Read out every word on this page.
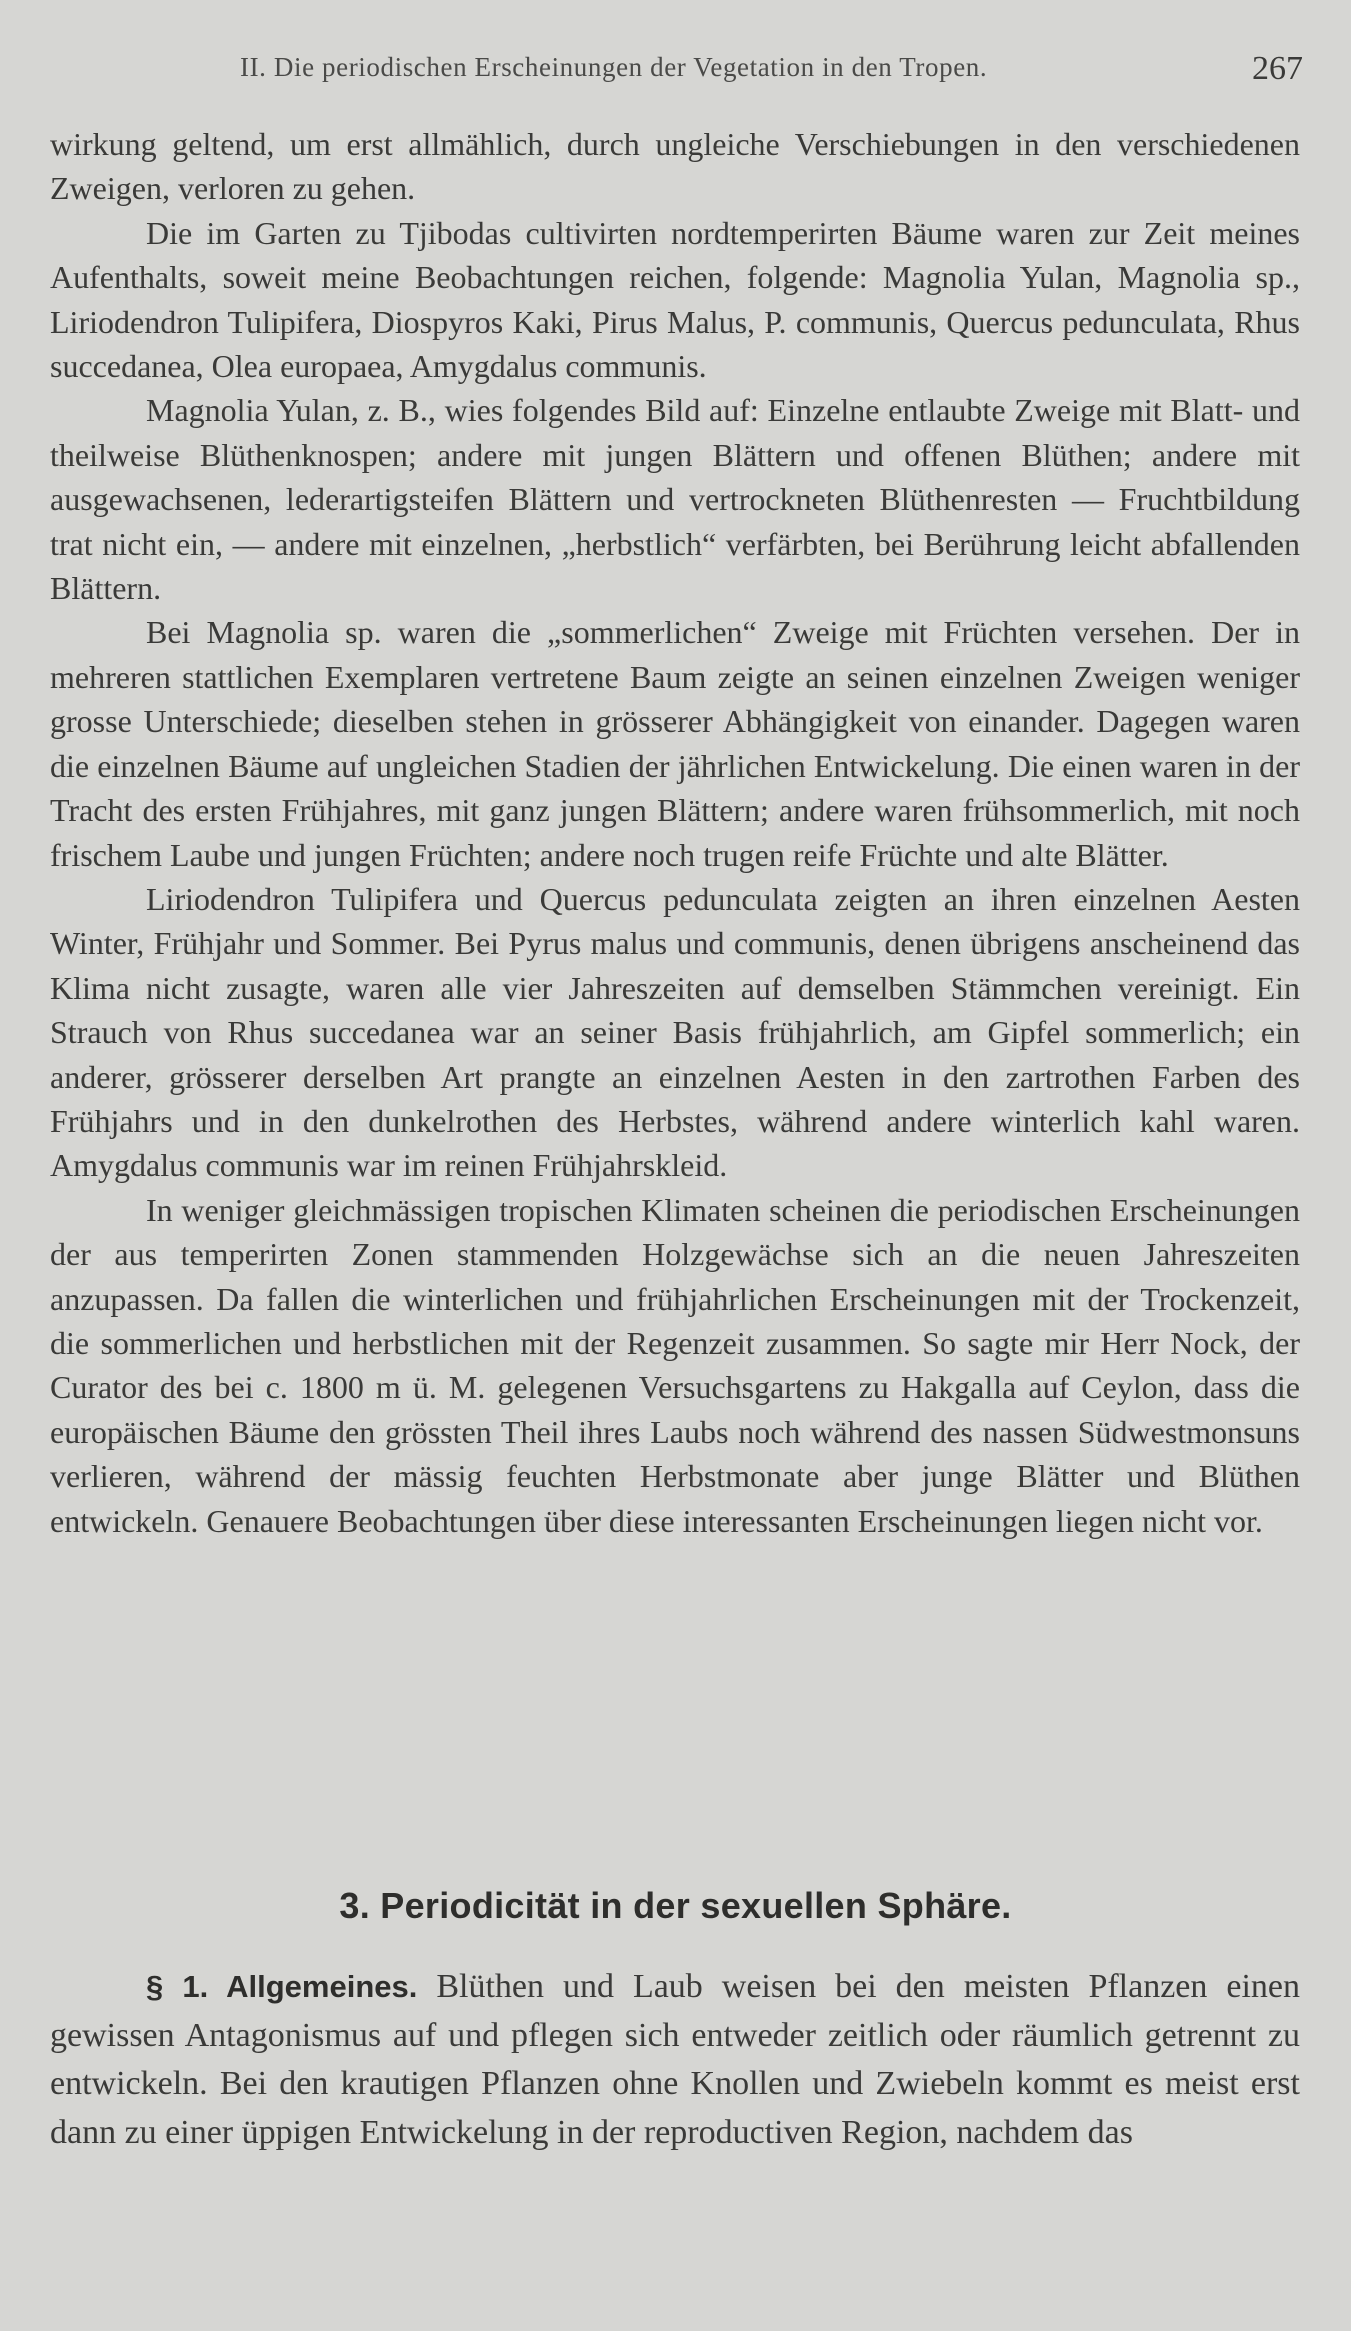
II. Die periodischen Erscheinungen der Vegetation in den Tropen.	267

wirkung geltend, um erst allmählich, durch ungleiche Verschiebungen in den verschiedenen Zweigen, verloren zu gehen.

Die im Garten zu Tjibodas cultivirten nordtemperirten Bäume waren zur Zeit meines Aufenthalts, soweit meine Beobachtungen reichen, folgende: Magnolia Yulan, Magnolia sp., Liriodendron Tulipifera, Diospyros Kaki, Pirus Malus, P. communis, Quercus pedunculata, Rhus succedanea, Olea europaea, Amygdalus communis.

Magnolia Yulan, z. B., wies folgendes Bild auf: Einzelne entlaubte Zweige mit Blatt- und theilweise Blüthenknospen; andere mit jungen Blättern und offenen Blüthen; andere mit ausgewachsenen, lederartigsteifen Blättern und vertrockneten Blüthenresten — Fruchtbildung trat nicht ein, — andere mit einzelnen, „herbstlich“ verfärbten, bei Berührung leicht abfallenden Blättern.

Bei Magnolia sp. waren die „sommerlichen“ Zweige mit Früchten versehen. Der in mehreren stattlichen Exemplaren vertretene Baum zeigte an seinen einzelnen Zweigen weniger grosse Unterschiede; dieselben stehen in grösserer Abhängigkeit von einander. Dagegen waren die einzelnen Bäume auf ungleichen Stadien der jährlichen Entwickelung. Die einen waren in der Tracht des ersten Frühjahres, mit ganz jungen Blättern; andere waren frühsommerlich, mit noch frischem Laube und jungen Früchten; andere noch trugen reife Früchte und alte Blätter.

Liriodendron Tulipifera und Quercus pedunculata zeigten an ihren einzelnen Aesten Winter, Frühjahr und Sommer. Bei Pyrus malus und communis, denen übrigens anscheinend das Klima nicht zusagte, waren alle vier Jahreszeiten auf demselben Stämmchen vereinigt. Ein Strauch von Rhus succedanea war an seiner Basis frühjahrlich, am Gipfel sommerlich; ein anderer, grösserer derselben Art prangte an einzelnen Aesten in den zartrothen Farben des Frühjahrs und in den dunkelrothen des Herbstes, während andere winterlich kahl waren. Amygdalus communis war im reinen Frühjahrskleid.

In weniger gleichmässigen tropischen Klimaten scheinen die periodischen Erscheinungen der aus temperirten Zonen stammenden Holzgewächse sich an die neuen Jahreszeiten anzupassen. Da fallen die winterlichen und frühjahrlichen Erscheinungen mit der Trockenzeit, die sommerlichen und herbstlichen mit der Regenzeit zusammen. So sagte mir Herr Nock, der Curator des bei c. 1800 m ü. M. gelegenen Versuchsgartens zu Hakgalla auf Ceylon, dass die europäischen Bäume den grössten Theil ihres Laubs noch während des nassen Südwestmonsuns verlieren, während der mässig feuchten Herbstmonate aber junge Blätter und Blüthen entwickeln. Genauere Beobachtungen über diese interessanten Erscheinungen liegen nicht vor.

3. Periodicität in der sexuellen Sphäre.

§ 1. Allgemeines. Blüthen und Laub weisen bei den meisten Pflanzen einen gewissen Antagonismus auf und pflegen sich entweder zeitlich oder räumlich getrennt zu entwickeln. Bei den krautigen Pflanzen ohne Knollen und Zwiebeln kommt es meist erst dann zu einer üppigen Entwickelung in der reproductiven Region, nachdem das
